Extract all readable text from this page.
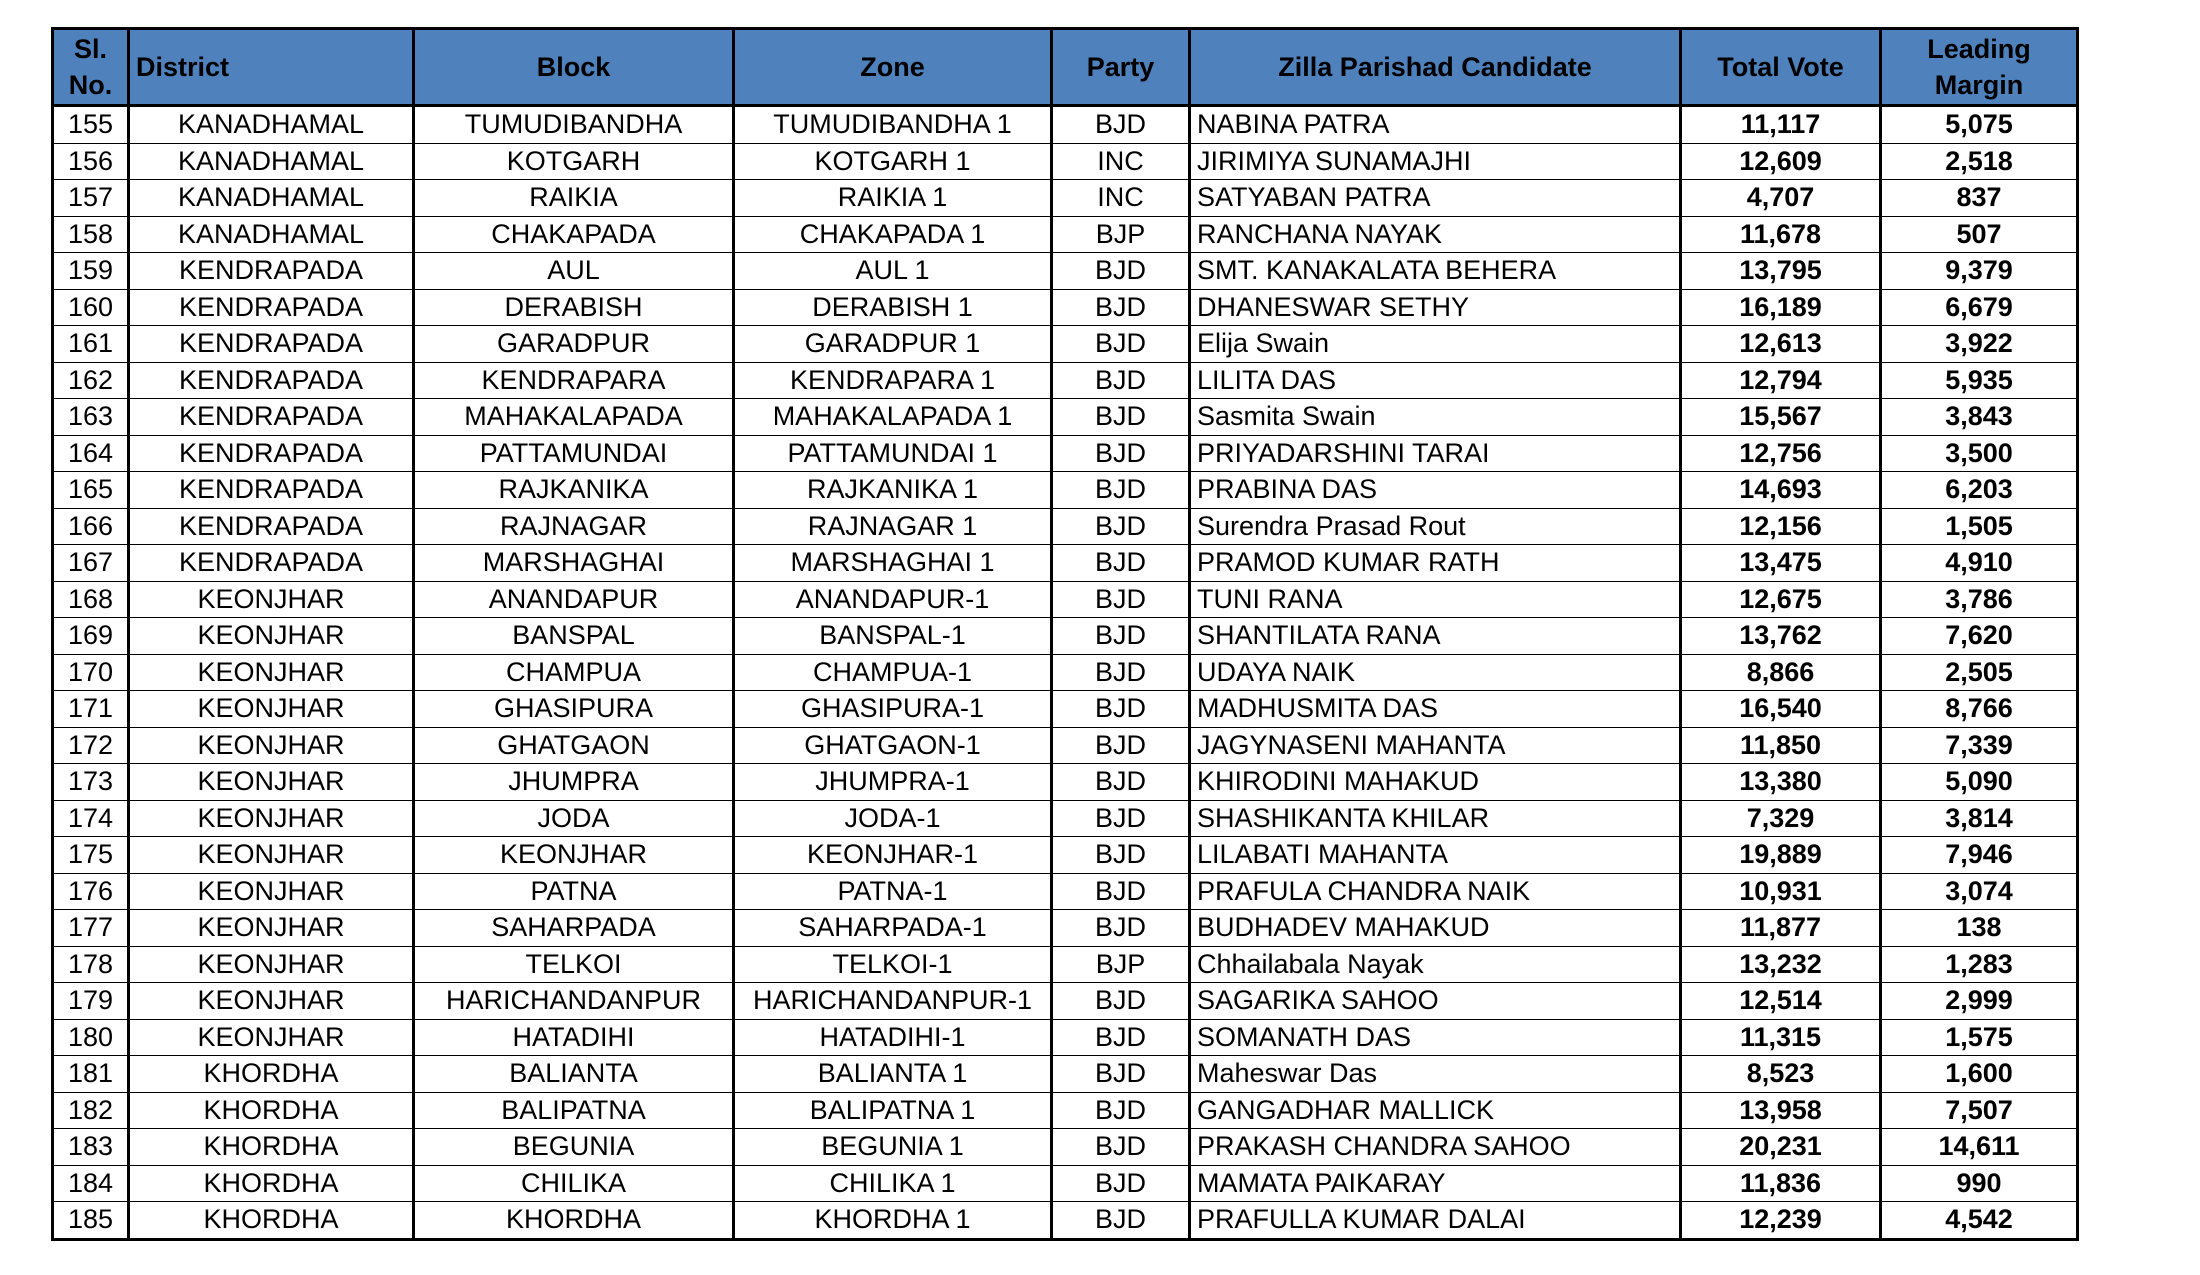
Sl. No.	District	Block	Zone	Party	Zilla Parishad Candidate	Total Vote	Leading Margin
155	KANADHAMAL	TUMUDIBANDHA	TUMUDIBANDHA 1	BJD	NABINA PATRA	11,117	5,075
156	KANADHAMAL	KOTGARH	KOTGARH 1	INC	JIRIMIYA SUNAMAJHI	12,609	2,518
157	KANADHAMAL	RAIKIA	RAIKIA 1	INC	SATYABAN PATRA	4,707	837
158	KANADHAMAL	CHAKAPADA	CHAKAPADA 1	BJP	RANCHANA NAYAK	11,678	507
159	KENDRAPADA	AUL	AUL 1	BJD	SMT. KANAKALATA BEHERA	13,795	9,379
160	KENDRAPADA	DERABISH	DERABISH 1	BJD	DHANESWAR SETHY	16,189	6,679
161	KENDRAPADA	GARADPUR	GARADPUR 1	BJD	Elija Swain	12,613	3,922
162	KENDRAPADA	KENDRAPARA	KENDRAPARA 1	BJD	LILITA DAS	12,794	5,935
163	KENDRAPADA	MAHAKALAPADA	MAHAKALAPADA 1	BJD	Sasmita Swain	15,567	3,843
164	KENDRAPADA	PATTAMUNDAI	PATTAMUNDAI 1	BJD	PRIYADARSHINI TARAI	12,756	3,500
165	KENDRAPADA	RAJKANIKA	RAJKANIKA 1	BJD	PRABINA DAS	14,693	6,203
166	KENDRAPADA	RAJNAGAR	RAJNAGAR 1	BJD	Surendra Prasad Rout	12,156	1,505
167	KENDRAPADA	MARSHAGHAI	MARSHAGHAI 1	BJD	PRAMOD KUMAR RATH	13,475	4,910
168	KEONJHAR	ANANDAPUR	ANANDAPUR-1	BJD	TUNI RANA	12,675	3,786
169	KEONJHAR	BANSPAL	BANSPAL-1	BJD	SHANTILATA RANA	13,762	7,620
170	KEONJHAR	CHAMPUA	CHAMPUA-1	BJD	UDAYA NAIK	8,866	2,505
171	KEONJHAR	GHASIPURA	GHASIPURA-1	BJD	MADHUSMITA DAS	16,540	8,766
172	KEONJHAR	GHATGAON	GHATGAON-1	BJD	JAGYNASENI MAHANTA	11,850	7,339
173	KEONJHAR	JHUMPRA	JHUMPRA-1	BJD	KHIRODINI MAHAKUD	13,380	5,090
174	KEONJHAR	JODA	JODA-1	BJD	SHASHIKANTA KHILAR	7,329	3,814
175	KEONJHAR	KEONJHAR	KEONJHAR-1	BJD	LILABATI MAHANTA	19,889	7,946
176	KEONJHAR	PATNA	PATNA-1	BJD	PRAFULA CHANDRA NAIK	10,931	3,074
177	KEONJHAR	SAHARPADA	SAHARPADA-1	BJD	BUDHADEV MAHAKUD	11,877	138
178	KEONJHAR	TELKOI	TELKOI-1	BJP	Chhailabala Nayak	13,232	1,283
179	KEONJHAR	HARICHANDANPUR	HARICHANDANPUR-1	BJD	SAGARIKA SAHOO	12,514	2,999
180	KEONJHAR	HATADIHI	HATADIHI-1	BJD	SOMANATH DAS	11,315	1,575
181	KHORDHA	BALIANTA	BALIANTA 1	BJD	Maheswar Das	8,523	1,600
182	KHORDHA	BALIPATNA	BALIPATNA 1	BJD	GANGADHAR MALLICK	13,958	7,507
183	KHORDHA	BEGUNIA	BEGUNIA 1	BJD	PRAKASH CHANDRA SAHOO	20,231	14,611
184	KHORDHA	CHILIKA	CHILIKA 1	BJD	MAMATA PAIKARAY	11,836	990
185	KHORDHA	KHORDHA	KHORDHA 1	BJD	PRAFULLA KUMAR DALAI	12,239	4,542
